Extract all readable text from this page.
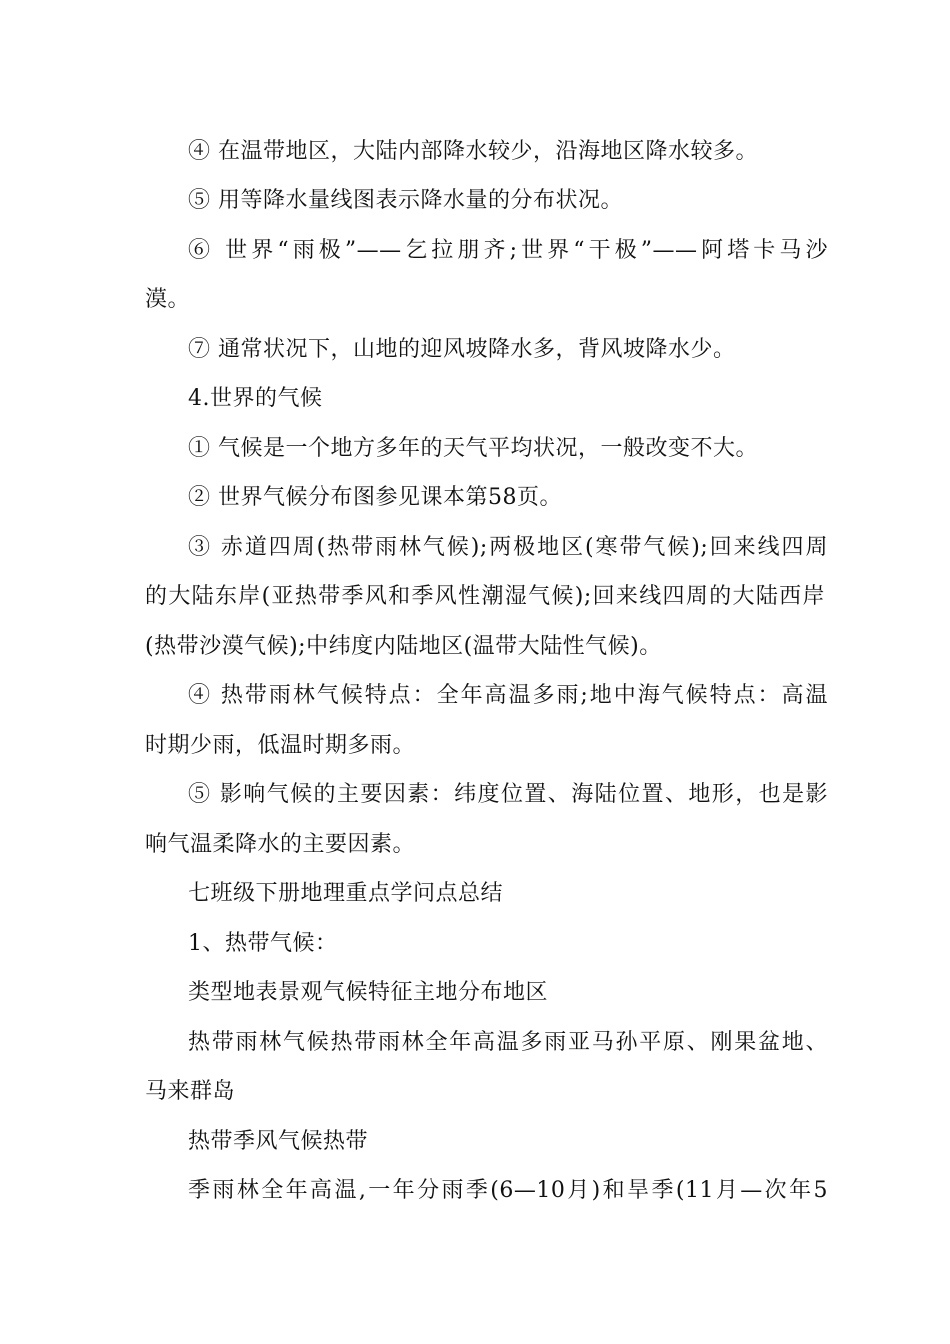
④ 在温带地区，大陆内部降水较少，沿海地区降水较多。
⑤ 用等降水量线图表示降水量的分布状况。
⑥ 世界“雨极”——乞拉朋齐;世界“干极”——阿塔卡马沙
漠。
⑦ 通常状况下，山地的迎风坡降水多，背风坡降水少。
4.世界的气候
① 气候是一个地方多年的天气平均状况，一般改变不大。
② 世界气候分布图参见课本第58页。
③ 赤道四周(热带雨林气候);两极地区(寒带气候);回来线四周
的大陆东岸(亚热带季风和季风性潮湿气候);回来线四周的大陆西岸
(热带沙漠气候);中纬度内陆地区(温带大陆性气候)。
④ 热带雨林气候特点：全年高温多雨;地中海气候特点：高温
时期少雨，低温时期多雨。
⑤ 影响气候的主要因素：纬度位置、海陆位置、地形，也是影
响气温柔降水的主要因素。
七班级下册地理重点学问点总结
1、热带气候：
类型地表景观气候特征主地分布地区
热带雨林气候热带雨林全年高温多雨亚马孙平原、刚果盆地、
马来群岛
热带季风气候热带
季雨林全年高温,一年分雨季(6—10月)和旱季(11月—次年5
